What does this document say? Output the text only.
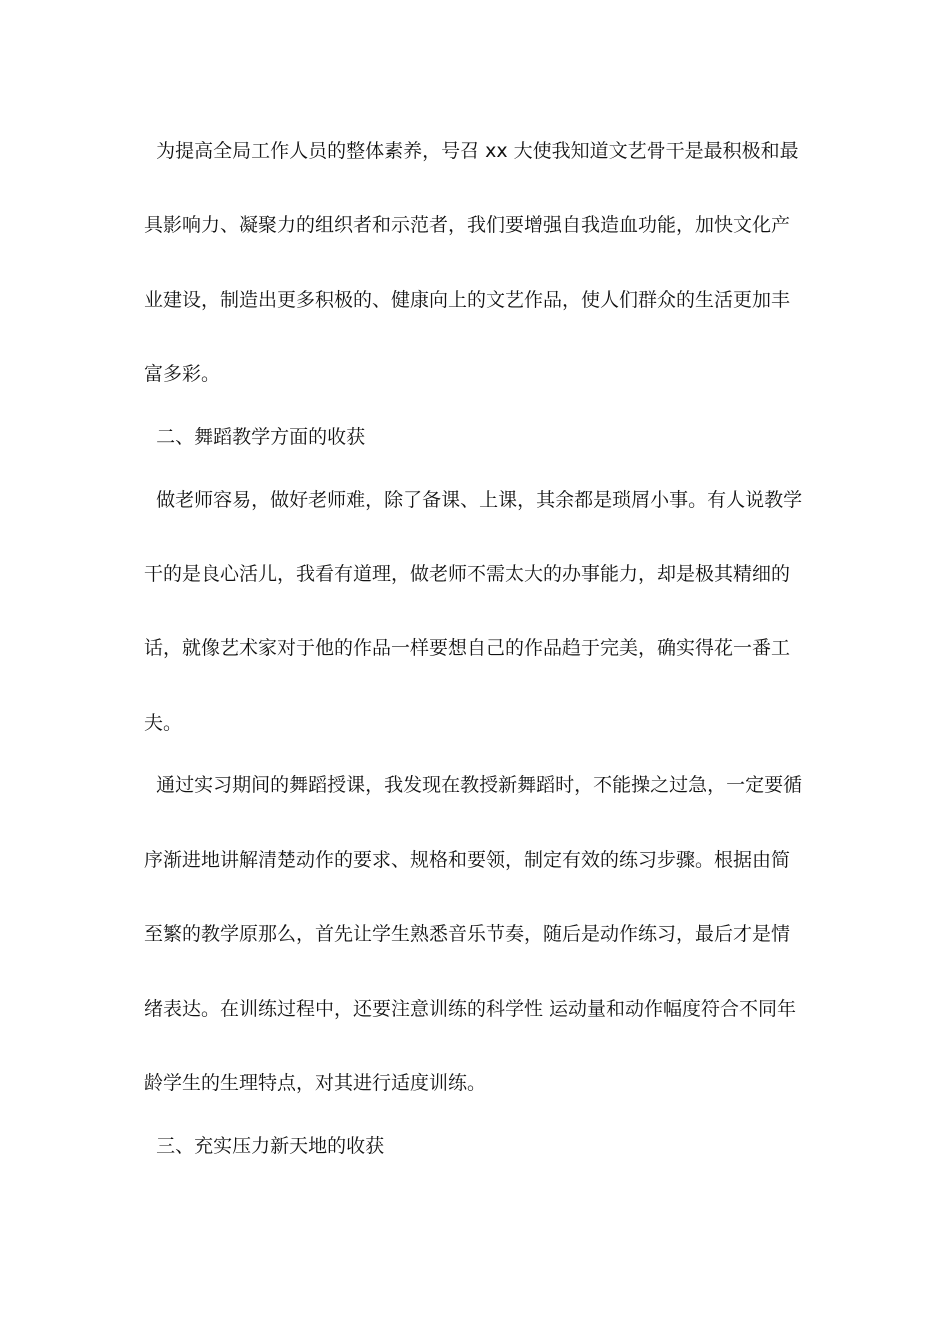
为提高全局工作人员的整体素养，号召 xx 大使我知道文艺骨干是最积极和最
具影响力、凝聚力的组织者和示范者，我们要增强自我造血功能，加快文化产
业建设，制造出更多积极的、健康向上的文艺作品，使人们群众的生活更加丰
富多彩。
二、舞蹈教学方面的收获
做老师容易，做好老师难，除了备课、上课，其余都是琐屑小事。有人说教学
干的是良心活儿，我看有道理，做老师不需太大的办事能力，却是极其精细的
话，就像艺术家对于他的作品一样要想自己的作品趋于完美，确实得花一番工
夫。
通过实习期间的舞蹈授课，我发现在教授新舞蹈时，不能操之过急，一定要循
序渐进地讲解清楚动作的要求、规格和要领，制定有效的练习步骤。根据由简
至繁的教学原那么，首先让学生熟悉音乐节奏，随后是动作练习，最后才是情
绪表达。在训练过程中，还要注意训练的科学性 运动量和动作幅度符合不同年
龄学生的生理特点，对其进行适度训练。
三、充实压力新天地的收获
